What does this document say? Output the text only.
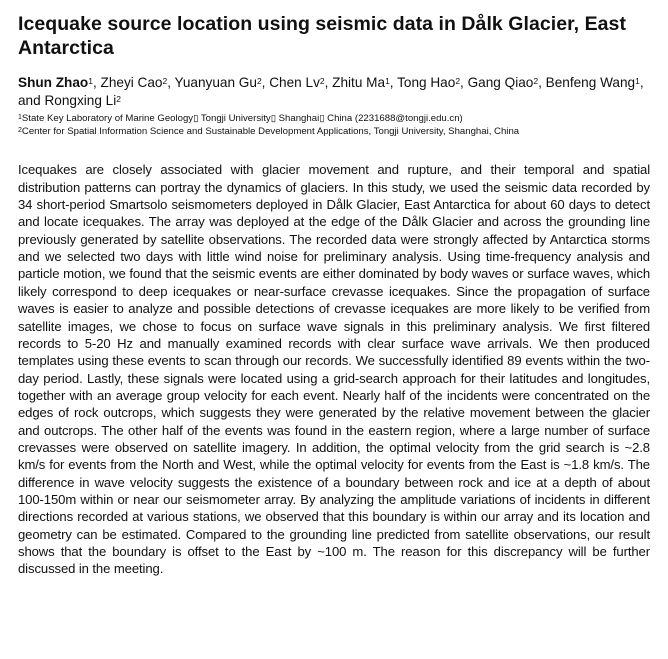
Icequake source location using seismic data in Dålk Glacier, East Antarctica

Shun Zhao$^1$, Zheyi Cao$^2$, Yuanyuan Gu$^2$, Chen Lv$^2$, Zhitu Ma$^1$, Tong Hao$^2$, Gang Qiao$^2$, Benfeng Wang$^1$, and Rongxing Li$^2$

$^1$State Key Laboratory of Marine Geology▯ Tongji University▯ Shanghai▯ China (2231688@tongji.edu.cn)

$^2$Center for Spatial Information Science and Sustainable Development Applications, Tongji University, Shanghai, China

Icequakes are closely associated with glacier movement and rupture, and their temporal and spatial distribution patterns can portray the dynamics of glaciers. In this study, we used the seismic data recorded by 34 short-period Smartsolo seismometers deployed in Dålk Glacier, East Antarctica for about 60 days to detect and locate icequakes. The array was deployed at the edge of the Dålk Glacier and across the grounding line previously generated by satellite observations. The recorded data were strongly affected by Antarctica storms and we selected two days with little wind noise for preliminary analysis. Using time-frequency analysis and particle motion, we found that the seismic events are either dominated by body waves or surface waves, which likely correspond to deep icequakes or near-surface crevasse icequakes. Since the propagation of surface waves is easier to analyze and possible detections of crevasse icequakes are more likely to be verified from satellite images, we chose to focus on surface wave signals in this preliminary analysis. We first filtered records to 5-20 Hz and manually examined records with clear surface wave arrivals. We then produced templates using these events to scan through our records. We successfully identified 89 events within the two-day period. Lastly, these signals were located using a grid-search approach for their latitudes and longitudes, together with an average group velocity for each event. Nearly half of the incidents were concentrated on the edges of rock outcrops, which suggests they were generated by the relative movement between the glacier and outcrops. The other half of the events was found in the eastern region, where a large number of surface crevasses were observed on satellite imagery. In addition, the optimal velocity from the grid search is ~2.8 km/s for events from the North and West, while the optimal velocity for events from the East is ~1.8 km/s. The difference in wave velocity suggests the existence of a boundary between rock and ice at a depth of about 100-150m within or near our seismometer array. By analyzing the amplitude variations of incidents in different directions recorded at various stations, we observed that this boundary is within our array and its location and geometry can be estimated. Compared to the grounding line predicted from satellite observations, our result shows that the boundary is offset to the East by ~100 m. The reason for this discrepancy will be further discussed in the meeting.
